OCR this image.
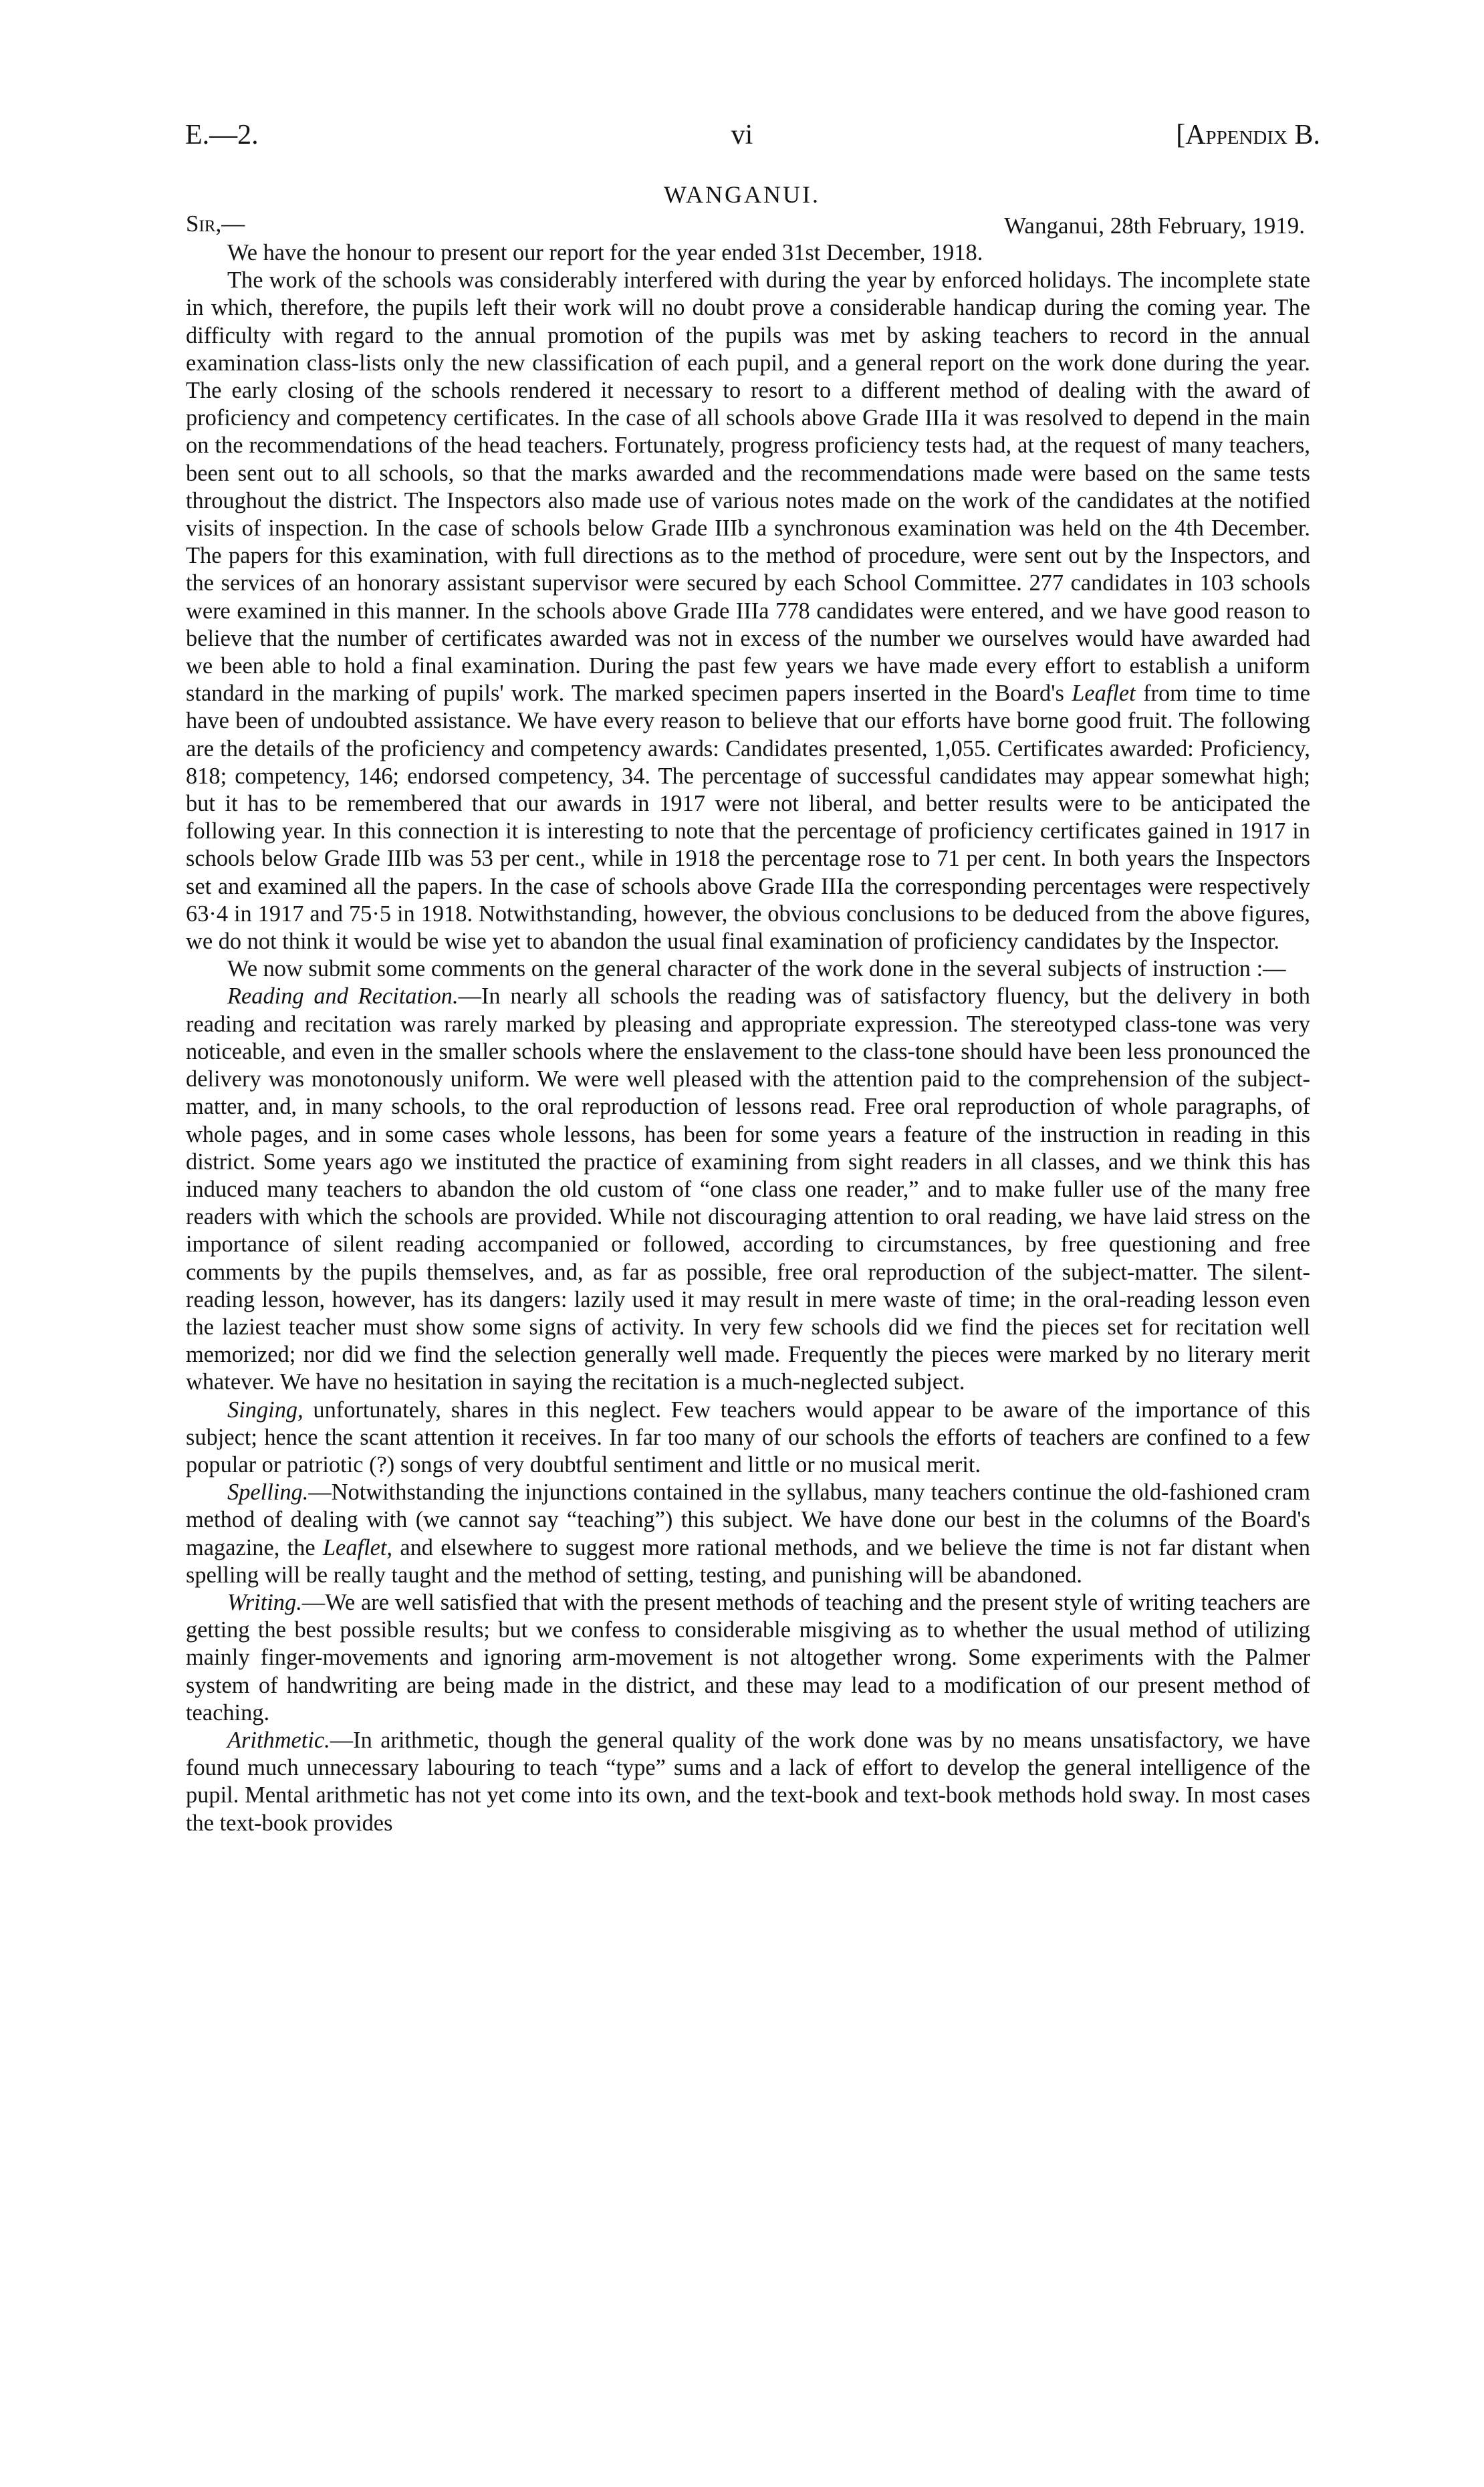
E.—2.	vi	[Appendix B.
WANGANUI.
Sir,—	Wanganui, 28th February, 1919.

We have the honour to present our report for the year ended 31st December, 1918.

The work of the schools was considerably interfered with during the year by enforced holidays. The incomplete state in which, therefore, the pupils left their work will no doubt prove a considerable handicap during the coming year. The difficulty with regard to the annual promotion of the pupils was met by asking teachers to record in the annual examination class-lists only the new classification of each pupil, and a general report on the work done during the year. The early closing of the schools rendered it necessary to resort to a different method of dealing with the award of proficiency and competency certificates. In the case of all schools above Grade IIIa it was resolved to depend in the main on the recommendations of the head teachers. Fortunately, progress proficiency tests had, at the request of many teachers, been sent out to all schools, so that the marks awarded and the recommendations made were based on the same tests throughout the district. The Inspectors also made use of various notes made on the work of the candidates at the notified visits of inspection. In the case of schools below Grade IIIb a synchronous examination was held on the 4th December. The papers for this examination, with full directions as to the method of procedure, were sent out by the Inspectors, and the services of an honorary assistant supervisor were secured by each School Committee. 277 candidates in 103 schools were examined in this manner. In the schools above Grade IIIa 778 candidates were entered, and we have good reason to believe that the number of certificates awarded was not in excess of the number we ourselves would have awarded had we been able to hold a final examination. During the past few years we have made every effort to establish a uniform standard in the marking of pupils' work. The marked specimen papers inserted in the Board's Leaflet from time to time have been of undoubted assistance. We have every reason to believe that our efforts have borne good fruit. The following are the details of the proficiency and competency awards: Candidates presented, 1,055. Certificates awarded: Proficiency, 818; competency, 146; endorsed competency, 34. The percentage of successful candidates may appear somewhat high; but it has to be remembered that our awards in 1917 were not liberal, and better results were to be anticipated the following year. In this connection it is interesting to note that the percentage of proficiency certificates gained in 1917 in schools below Grade IIIb was 53 per cent., while in 1918 the percentage rose to 71 per cent. In both years the Inspectors set and examined all the papers. In the case of schools above Grade IIIa the corresponding percentages were respectively 63·4 in 1917 and 75·5 in 1918. Notwithstanding, however, the obvious conclusions to be deduced from the above figures, we do not think it would be wise yet to abandon the usual final examination of proficiency candidates by the Inspector.

We now submit some comments on the general character of the work done in the several subjects of instruction :—

Reading and Recitation.—In nearly all schools the reading was of satisfactory fluency, but the delivery in both reading and recitation was rarely marked by pleasing and appropriate expression. The stereotyped class-tone was very noticeable, and even in the smaller schools where the enslavement to the class-tone should have been less pronounced the delivery was monotonously uniform. We were well pleased with the attention paid to the comprehension of the subject-matter, and, in many schools, to the oral reproduction of lessons read. Free oral reproduction of whole paragraphs, of whole pages, and in some cases whole lessons, has been for some years a feature of the instruction in reading in this district. Some years ago we instituted the practice of examining from sight readers in all classes, and we think this has induced many teachers to abandon the old custom of “one class one reader,” and to make fuller use of the many free readers with which the schools are provided. While not discouraging attention to oral reading, we have laid stress on the importance of silent reading accompanied or followed, according to circumstances, by free questioning and free comments by the pupils themselves, and, as far as possible, free oral reproduction of the subject-matter. The silent-reading lesson, however, has its dangers: lazily used it may result in mere waste of time; in the oral-reading lesson even the laziest teacher must show some signs of activity. In very few schools did we find the pieces set for recitation well memorized; nor did we find the selection generally well made. Frequently the pieces were marked by no literary merit whatever. We have no hesitation in saying the recitation is a much-neglected subject.

Singing, unfortunately, shares in this neglect. Few teachers would appear to be aware of the importance of this subject; hence the scant attention it receives. In far too many of our schools the efforts of teachers are confined to a few popular or patriotic (?) songs of very doubtful sentiment and little or no musical merit.

Spelling.—Notwithstanding the injunctions contained in the syllabus, many teachers continue the old-fashioned cram method of dealing with (we cannot say “teaching”) this subject. We have done our best in the columns of the Board's magazine, the Leaflet, and elsewhere to suggest more rational methods, and we believe the time is not far distant when spelling will be really taught and the method of setting, testing, and punishing will be abandoned.

Writing.—We are well satisfied that with the present methods of teaching and the present style of writing teachers are getting the best possible results; but we confess to considerable misgiving as to whether the usual method of utilizing mainly finger-movements and ignoring arm-movement is not altogether wrong. Some experiments with the Palmer system of handwriting are being made in the district, and these may lead to a modification of our present method of teaching.

Arithmetic.—In arithmetic, though the general quality of the work done was by no means unsatisfactory, we have found much unnecessary labouring to teach “type” sums and a lack of effort to develop the general intelligence of the pupil. Mental arithmetic has not yet come into its own, and the text-book and text-book methods hold sway. In most cases the text-book provides
